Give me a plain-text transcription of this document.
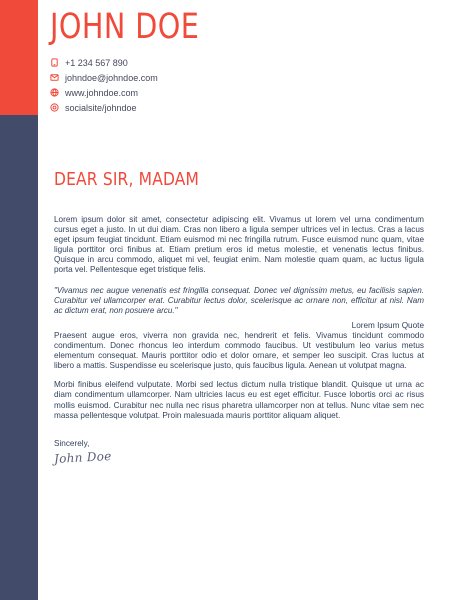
JOHN DOE
+1 234 567 890
johndoe@johndoe.com
www.johndoe.com
socialsite/johndoe
DEAR SIR, MADAM

Lorem ipsum dolor sit amet, consectetur adipiscing elit. Vivamus ut lorem vel urna condimentum cursus eget a justo. In ut dui diam. Cras non libero a ligula semper ultrices vel in lectus. Cras a lacus eget ipsum feugiat tincidunt. Etiam euismod mi nec fringilla rutrum. Fusce euismod nunc quam, vitae ligula porttitor orci finibus at. Etiam pretium eros id metus molestie, et venenatis lectus finibus. Quisque in arcu commodo, aliquet mi vel, feugiat enim. Nam molestie quam quam, ac luctus ligula porta vel. Pellentesque eget tristique felis.

"Vivamus nec augue venenatis est fringilla consequat. Donec vel dignissim metus, eu facilisis sapien. Curabitur vel ullamcorper erat. Curabitur lectus dolor, scelerisque ac ornare non, efficitur at nisl. Nam ac dictum erat, non posuere arcu."
Lorem Ipsum Quote

Praesent augue eros, viverra non gravida nec, hendrerit et felis. Vivamus tincidunt commodo condimentum. Donec rhoncus leo interdum commodo faucibus. Ut vestibulum leo varius metus elementum consequat. Mauris porttitor odio et dolor ornare, et semper leo suscipit. Cras luctus at libero a mattis. Suspendisse eu scelerisque justo, quis faucibus ligula. Aenean ut volutpat magna.

Morbi finibus eleifend vulputate. Morbi sed lectus dictum nulla tristique blandit. Quisque ut urna ac diam condimentum ullamcorper. Nam ultricies lacus eu est eget efficitur. Fusce lobortis orci ac risus mollis euismod. Curabitur nec nulla nec risus pharetra ullamcorper non at tellus. Nunc vitae sem nec massa pellentesque volutpat. Proin malesuada mauris porttitor aliquam aliquet.

Sincerely,
John Doe
